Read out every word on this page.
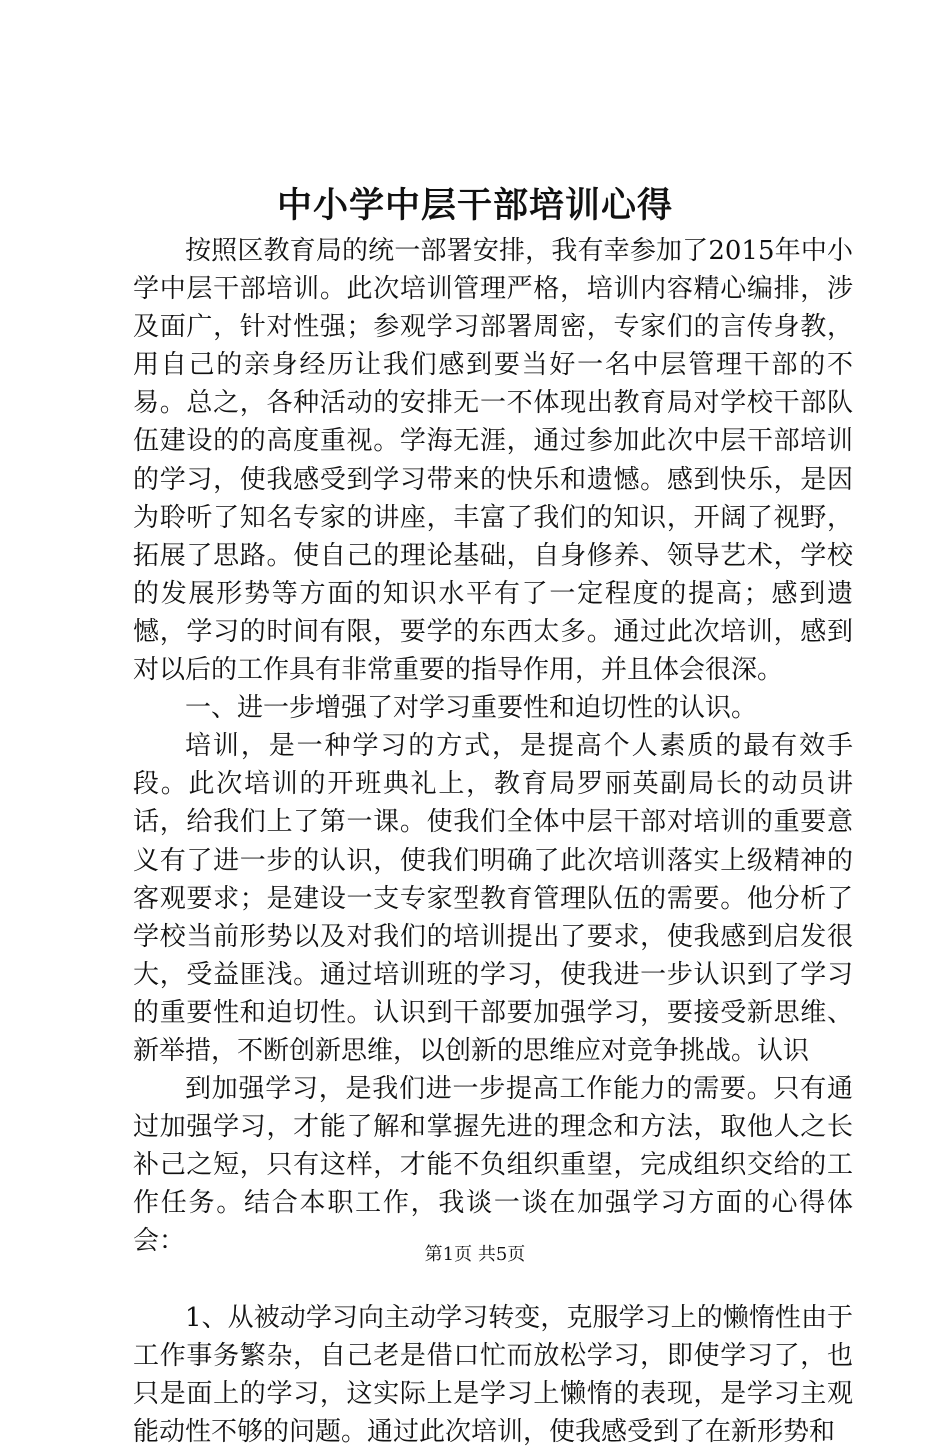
中小学中层干部培训心得

按照区教育局的统一部署安排，我有幸参加了2015年中小学中层干部培训。此次培训管理严格，培训内容精心编排，涉及面广，针对性强；参观学习部署周密，专家们的言传身教，用自己的亲身经历让我们感到要当好一名中层管理干部的不易。总之，各种活动的安排无一不体现出教育局对学校干部队伍建设的的高度重视。学海无涯，通过参加此次中层干部培训的学习，使我感受到学习带来的快乐和遗憾。感到快乐，是因为聆听了知名专家的讲座，丰富了我们的知识，开阔了视野，拓展了思路。使自己的理论基础，自身修养、领导艺术，学校的发展形势等方面的知识水平有了一定程度的提高；感到遗憾，学习的时间有限，要学的东西太多。通过此次培训，感到对以后的工作具有非常重要的指导作用，并且体会很深。

一、进一步增强了对学习重要性和迫切性的认识。

培训，是一种学习的方式，是提高个人素质的最有效手段。此次培训的开班典礼上，教育局罗丽英副局长的动员讲话，给我们上了第一课。使我们全体中层干部对培训的重要意义有了进一步的认识，使我们明确了此次培训落实上级精神的客观要求；是建设一支专家型教育管理队伍的需要。他分析了学校当前形势以及对我们的培训提出了要求，使我感到启发很大，受益匪浅。通过培训班的学习，使我进一步认识到了学习的重要性和迫切性。认识到干部要加强学习，要接受新思维、新举措，不断创新思维，以创新的思维应对竞争挑战。认识

到加强学习，是我们进一步提高工作能力的需要。只有通过加强学习，才能了解和掌握先进的理念和方法，取他人之长补己之短，只有这样，才能不负组织重望，完成组织交给的工作任务。结合本职工作，我谈一谈在加强学习方面的心得体会：

1、从被动学习向主动学习转变，克服学习上的懒惰性由于工作事务繁杂，自己老是借口忙而放松学习，即使学习了，也只是面上的学习，这实际上是学习上懒惰的表现，是学习主观能动性不够的问题。通过此次培训，使我感受到了在新形势和

第1页 共5页
